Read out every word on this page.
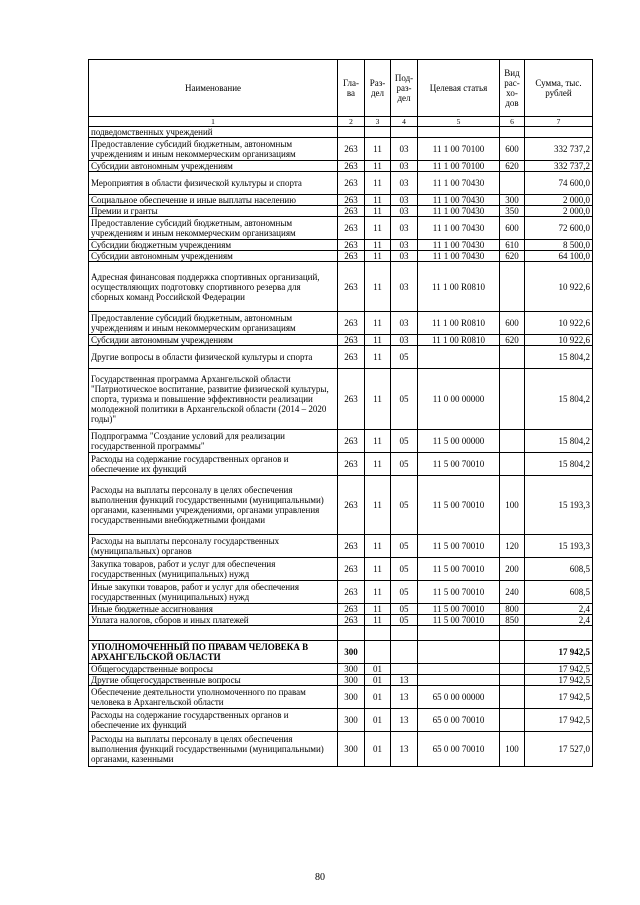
Наименование	Гла-ва	Раз-дел	Под-раз-дел	Целевая статья	Вид рас-хо-дов	Сумма, тыс. рублей
1	2	3	4	5	6	7
подведомственных учреждений						
Предоставление субсидий бюджетным, автономным учреждениям и иным некоммерческим организациям	263	11	03	11 1 00 70100	600	332 737,2
Субсидии автономным учреждениям	263	11	03	11 1 00 70100	620	332 737,2
Мероприятия в области физической культуры и спорта	263	11	03	11 1 00 70430		74 600,0
Социальное обеспечение и иные выплаты населению	263	11	03	11 1 00 70430	300	2 000,0
Премии и гранты	263	11	03	11 1 00 70430	350	2 000,0
Предоставление субсидий бюджетным, автономным учреждениям и иным некоммерческим организациям	263	11	03	11 1 00 70430	600	72 600,0
Субсидии бюджетным учреждениям	263	11	03	11 1 00 70430	610	8 500,0
Субсидии автономным учреждениям	263	11	03	11 1 00 70430	620	64 100,0
Адресная финансовая поддержка спортивных организаций, осуществляющих подготовку спортивного резерва для сборных команд Российской Федерации	263	11	03	11 1 00 R0810		10 922,6
Предоставление субсидий бюджетным, автономным учреждениям и иным некоммерческим организациям	263	11	03	11 1 00 R0810	600	10 922,6
Субсидии автономным учреждениям	263	11	03	11 1 00 R0810	620	10 922,6
Другие вопросы в области физической культуры и спорта	263	11	05			15 804,2
Государственная программа Архангельской области "Патриотическое воспитание, развитие физической культуры, спорта, туризма и повышение эффективности реализации молодежной политики в Архангельской области (2014 – 2020 годы)"	263	11	05	11 0 00 00000		15 804,2
Подпрограмма "Создание условий для реализации государственной программы"	263	11	05	11 5 00 00000		15 804,2
Расходы на содержание государственных органов и обеспечение их функций	263	11	05	11 5 00 70010		15 804,2
Расходы на выплаты персоналу в целях обеспечения выполнения функций государственными (муниципальными) органами, казенными учреждениями, органами управления государственными внебюджетными фондами	263	11	05	11 5 00 70010	100	15 193,3
Расходы на выплаты персоналу государственных (муниципальных) органов	263	11	05	11 5 00 70010	120	15 193,3
Закупка товаров, работ и услуг для обеспечения государственных (муниципальных) нужд	263	11	05	11 5 00 70010	200	608,5
Иные закупки товаров, работ и услуг для обеспечения государственных (муниципальных) нужд	263	11	05	11 5 00 70010	240	608,5
Иные бюджетные ассигнования	263	11	05	11 5 00 70010	800	2,4
Уплата налогов, сборов и иных платежей	263	11	05	11 5 00 70010	850	2,4

УПОЛНОМОЧЕННЫЙ ПО ПРАВАМ ЧЕЛОВЕКА В АРХАНГЕЛЬСКОЙ ОБЛАСТИ	300					17 942,5
Общегосударственные вопросы	300	01				17 942,5
Другие общегосударственные вопросы	300	01	13			17 942,5
Обеспечение деятельности уполномоченного по правам человека в Архангельской области	300	01	13	65 0 00 00000		17 942,5
Расходы на содержание государственных органов и обеспечение их функций	300	01	13	65 0 00 70010		17 942,5
Расходы на выплаты персоналу в целях обеспечения выполнения функций государственными (муниципальными) органами, казенными	300	01	13	65 0 00 70010	100	17 527,0
80
